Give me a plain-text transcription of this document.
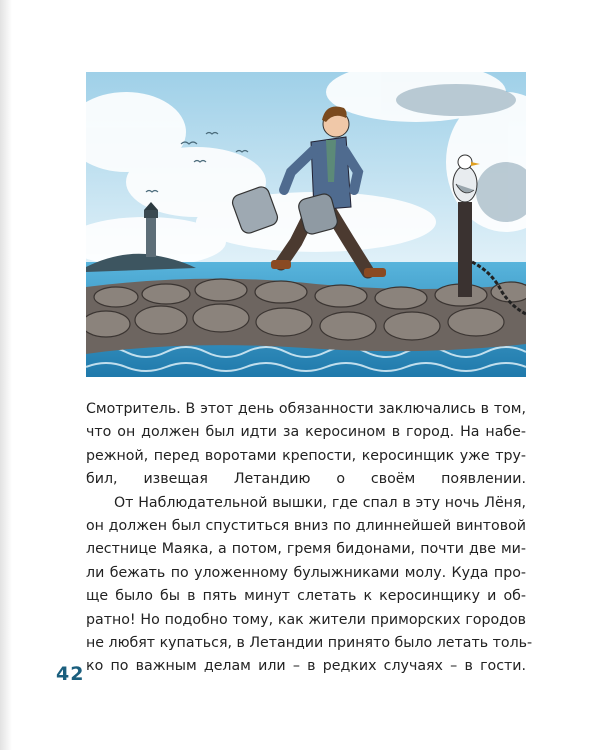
Смотритель. В этот день обязанности заключались в том,
что он должен был идти за керосином в город. На набе-
режной, перед воротами крепости, керосинщик уже тру-
бил, извещая Летандию о своём появлении.

От Наблюдательной вышки, где спал в эту ночь Лёня,
он должен был спуститься вниз по длиннейшей винтовой
лестнице Маяка, а потом, гремя бидонами, почти две ми-
ли бежать по уложенному булыжниками молу. Куда про-
ще было бы в пять минут слетать к керосинщику и об-
ратно! Но подобно тому, как жители приморских городов
не любят купаться, в Летандии принято было летать толь-
ко по важным делам или – в редких случаях – в гости.

42
